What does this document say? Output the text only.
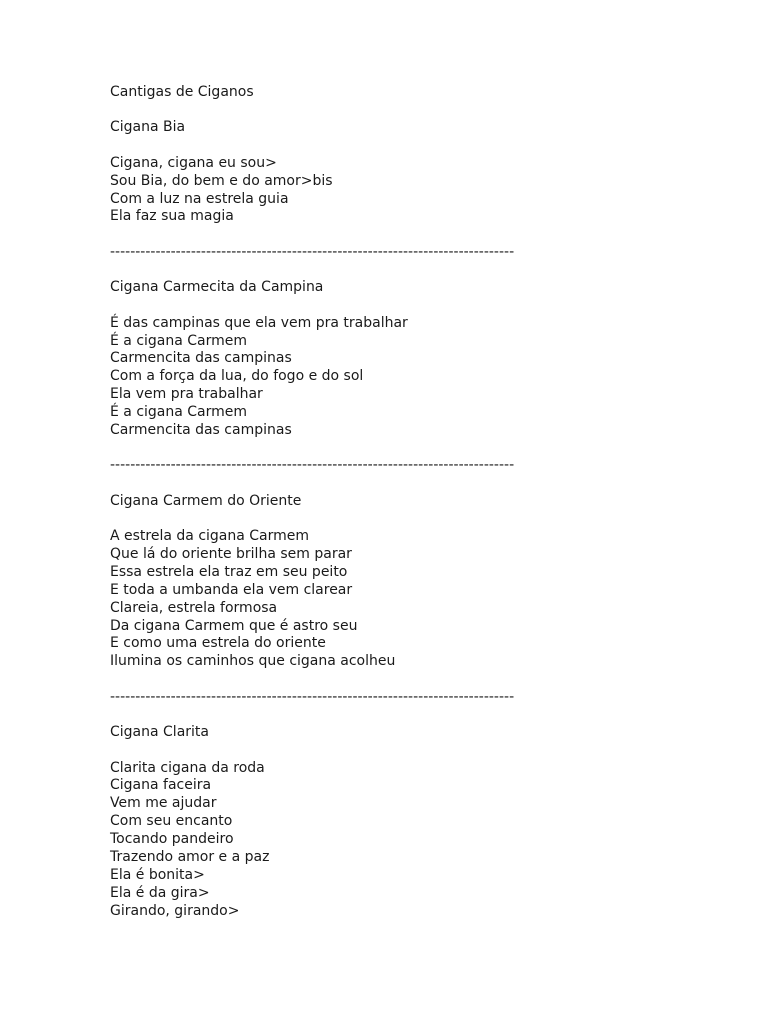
Cantigas de Ciganos
Cigana Bia
Cigana, cigana eu sou>
Sou Bia, do bem e do amor>bis
Com a luz na estrela guia
Ela faz sua magia
--------------------------------------------------------------------------------
Cigana Carmecita da Campina
É das campinas que ela vem pra trabalhar
É a cigana Carmem
Carmencita das campinas
Com a força da lua, do fogo e do sol
Ela vem pra trabalhar
É a cigana Carmem
Carmencita das campinas
--------------------------------------------------------------------------------
Cigana Carmem do Oriente
A estrela da cigana Carmem
Que lá do oriente brilha sem parar
Essa estrela ela traz em seu peito
E toda a umbanda ela vem clarear
Clareia, estrela formosa
Da cigana Carmem que é astro seu
E como uma estrela do oriente
Ilumina os caminhos que cigana acolheu
--------------------------------------------------------------------------------
Cigana Clarita
Clarita cigana da roda
Cigana faceira
Vem me ajudar
Com seu encanto
Tocando pandeiro
Trazendo amor e a paz
Ela é bonita>
Ela é da gira>
Girando, girando>
